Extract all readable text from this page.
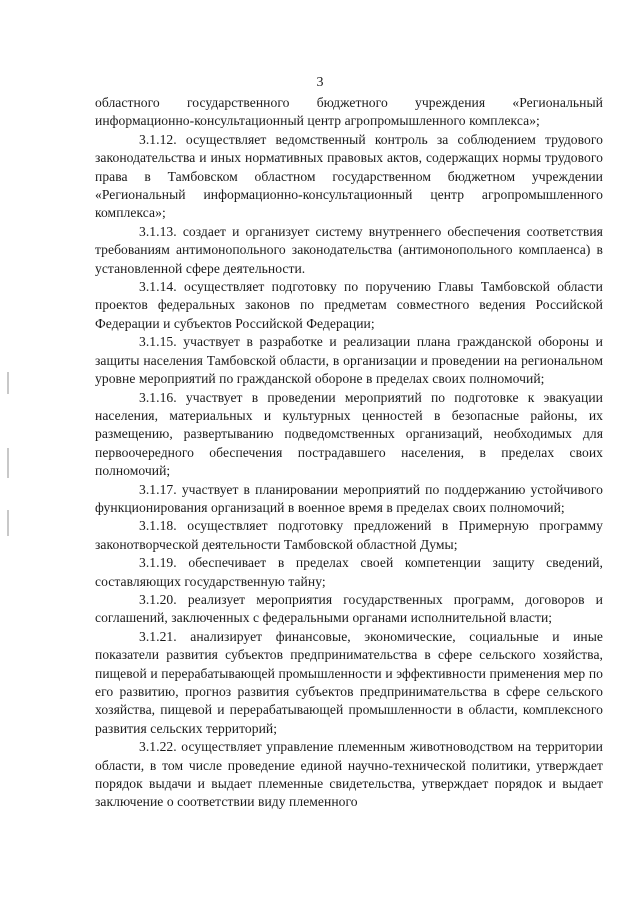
3

областного государственного бюджетного учреждения «Региональный информационно-консультационный центр агропромышленного комплекса»;

3.1.12. осуществляет ведомственный контроль за соблюдением трудового законодательства и иных нормативных правовых актов, содержащих нормы трудового права в Тамбовском областном государственном бюджетном учреждении «Региональный информационно-консультационный центр агропромышленного комплекса»;

3.1.13. создает и организует систему внутреннего обеспечения соответствия требованиям антимонопольного законодательства (антимонопольного комплаенса) в установленной сфере деятельности.

3.1.14. осуществляет подготовку по поручению Главы Тамбовской области проектов федеральных законов по предметам совместного ведения Российской Федерации и субъектов Российской Федерации;

3.1.15. участвует в разработке и реализации плана гражданской обороны и защиты населения Тамбовской области, в организации и проведении на региональном уровне мероприятий по гражданской обороне в пределах своих полномочий;

3.1.16. участвует в проведении мероприятий по подготовке к эвакуации населения, материальных и культурных ценностей в безопасные районы, их размещению, развертыванию подведомственных организаций, необходимых для первоочередного обеспечения пострадавшего населения, в пределах своих полномочий;

3.1.17. участвует в планировании мероприятий по поддержанию устойчивого функционирования организаций в военное время в пределах своих полномочий;

3.1.18. осуществляет подготовку предложений в Примерную программу законотворческой деятельности Тамбовской областной Думы;

3.1.19. обеспечивает в пределах своей компетенции защиту сведений, составляющих государственную тайну;

3.1.20. реализует мероприятия государственных программ, договоров и соглашений, заключенных с федеральными органами исполнительной власти;

3.1.21. анализирует финансовые, экономические, социальные и иные показатели развития субъектов предпринимательства в сфере сельского хозяйства, пищевой и перерабатывающей промышленности и эффективности применения мер по его развитию, прогноз развития субъектов предпринимательства в сфере сельского хозяйства, пищевой и перерабатывающей промышленности в области, комплексного развития сельских территорий;

3.1.22. осуществляет управление племенным животноводством на территории области, в том числе проведение единой научно-технической политики, утверждает порядок выдачи и выдает племенные свидетельства, утверждает порядок и выдает заключение о соответствии виду племенного
